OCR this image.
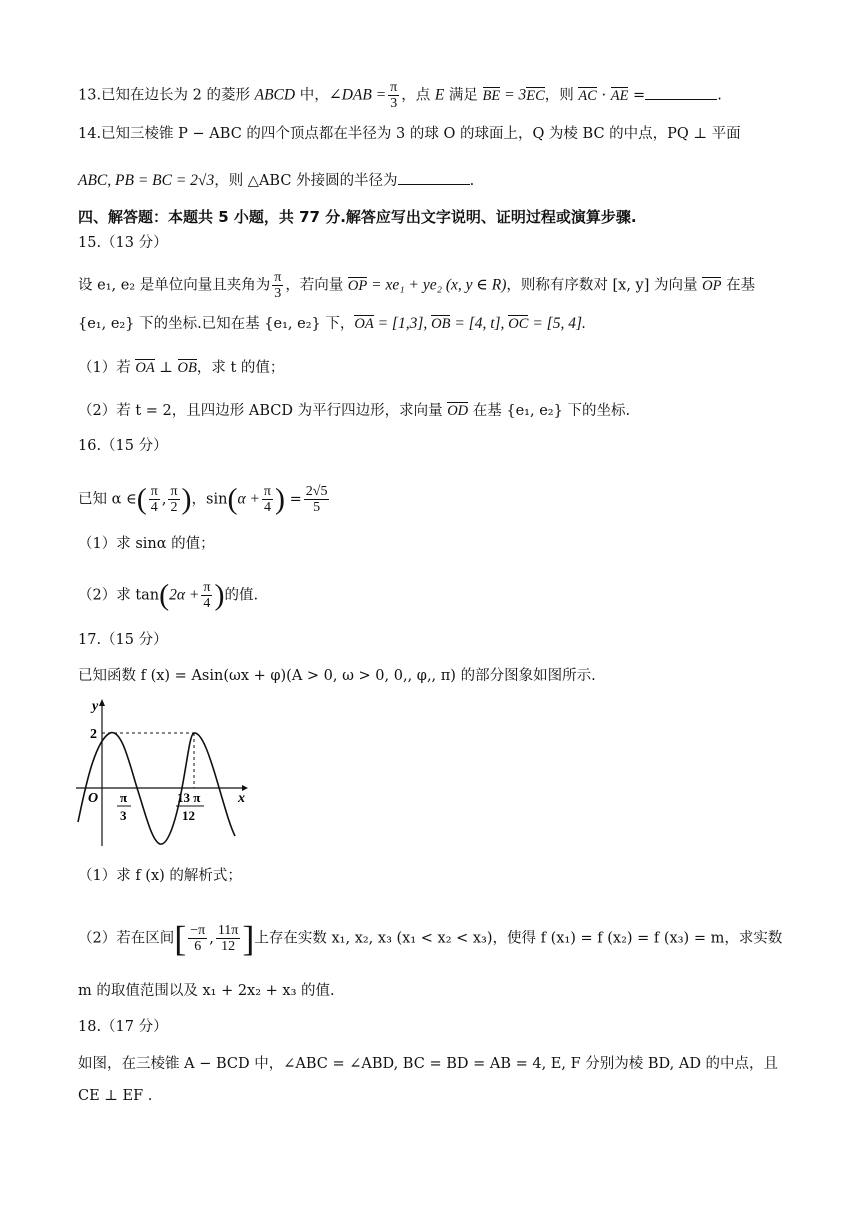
13.已知在边长为 2 的菱形 ABCD 中，∠DAB = $\frac{\pi}{3}$ ，点 E 满足 BE = 3EC，则 AC · AE =	.
14.已知三棱锥 P − ABC 的四个顶点都在半径为 3 的球 O 的球面上，Q 为棱 BC 的中点，PQ ⊥ 平面
ABC, PB = BC = 2√3，则 △ABC 外接圆的半径为	.
四、解答题：本题共 5 小题，共 77 分.解答应写出文字说明、证明过程或演算步骤.
15.（13 分）
设 e₁, e₂ 是单位向量且夹角为 $\frac{\pi}{3}$ ，若向量 OP = xe₁ + ye₂ (x, y ∈ R)，则称有序数对 [x, y] 为向量 OP 在基
{e₁, e₂} 下的坐标.已知在基 {e₁, e₂} 下，OA = [1,3], OB = [4, t], OC = [5, 4].
（1）若 OA ⊥ OB，求 t 的值；
（2）若 t = 2，且四边形 ABCD 为平行四边形，求向量 OD 在基 {e₁, e₂} 下的坐标.
16.（15 分）
已知 α ∈( $\frac{\pi}{4}$ , $\frac{\pi}{2}$ )，$\sin(\alpha + \frac{\pi}{4}$ ) = $\frac{2√5}{5}$
（1）求 sinα 的值；
（2）求 $\tan(2\alpha + \frac{\pi}{4}$ )的值.
17.（15 分）
已知函数 f (x) = Asin(ωx + φ)(A > 0, ω > 0, 0,, φ,, π) 的部分图象如图所示.
y
x
O
2
π
3
13 π
12
（1）求 f (x) 的解析式；
（2）若在区间[ $\frac{-\pi}{6}$ , $\frac{11\pi}{12}$ ]上存在实数 x₁, x₂, x₃ (x₁ < x₂ < x₃)，使得 f (x₁) = f (x₂) = f (x₃) = m，求实数
m 的取值范围以及 x₁ + 2x₂ + x₃ 的值.
18.（17 分）
如图，在三棱锥 A − BCD 中，∠ABC = ∠ABD, BC = BD = AB = 4, E, F 分别为棱 BD, AD 的中点，且
CE ⊥ EF .
